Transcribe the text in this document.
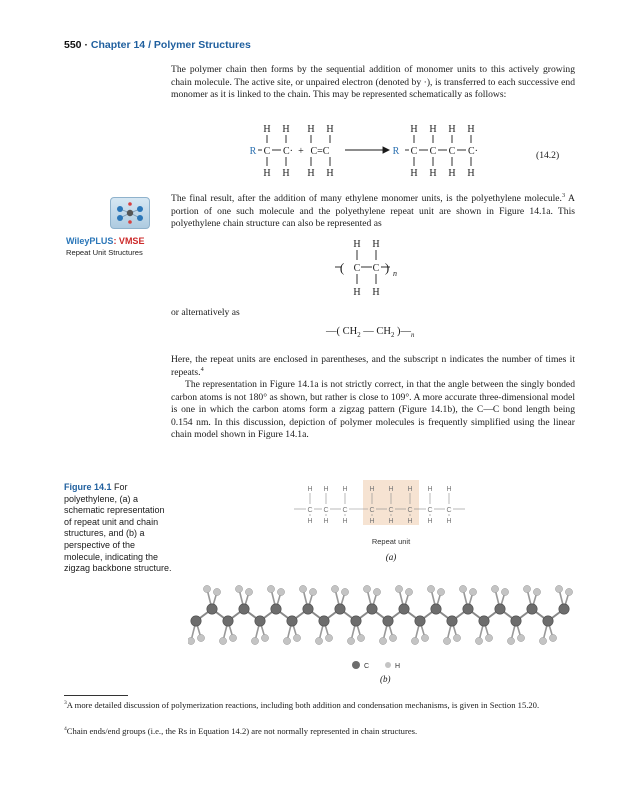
550 · Chapter 14 / Polymer Structures
The polymer chain then forms by the sequential addition of monomer units to this actively growing chain molecule. The active site, or unpaired electron (denoted by ·), is transferred to each successive end monomer as it is linked to the chain. This may be represented schematically as follows:
H H H H	H H H H
H H H H	H H H H
R C C· + C=C	R C C C C·	(14.2)
WileyPLUS: VMSE
Repeat Unit Structures
The final result, after the addition of many ethylene monomer units, is the polyethylene molecule.$^3$ A portion of one such molecule and the polyethylene repeat unit are shown in Figure 14.1a. This polyethylene chain structure can also be represented as
H H
H H
C C
(	) n
or alternatively as
—( $CH_2$ — $CH_2$ )$—_n$
Here, the repeat units are enclosed in parentheses, and the subscript n indicates the number of times it repeats.$^4$
The representation in Figure 14.1a is not strictly correct, in that the angle between the singly bonded carbon atoms is not 180° as shown, but rather is close to 109°. A more accurate three-dimensional model is one in which the carbon atoms form a zigzag pattern (Figure 14.1b), the C—C bond length being 0.154 nm. In this discussion, depiction of polymer molecules is frequently simplified using the linear chain model shown in Figure 14.1a.
Figure 14.1 For polyethylene, (a) a schematic representation of repeat unit and chain structures, and (b) a perspective of the molecule, indicating the zigzag backbone structure.
C
H
H
C
H
H
C
H
H
C
H
H
C
H
H
C
H
H
C
H
H
C
H
H
Repeat unit
(a)
C	H
(b)
$^3$A more detailed discussion of polymerization reactions, including both addition and condensation mechanisms, is given in Section 15.20.
$^4$Chain ends/end groups (i.e., the Rs in Equation 14.2) are not normally represented in chain structures.
